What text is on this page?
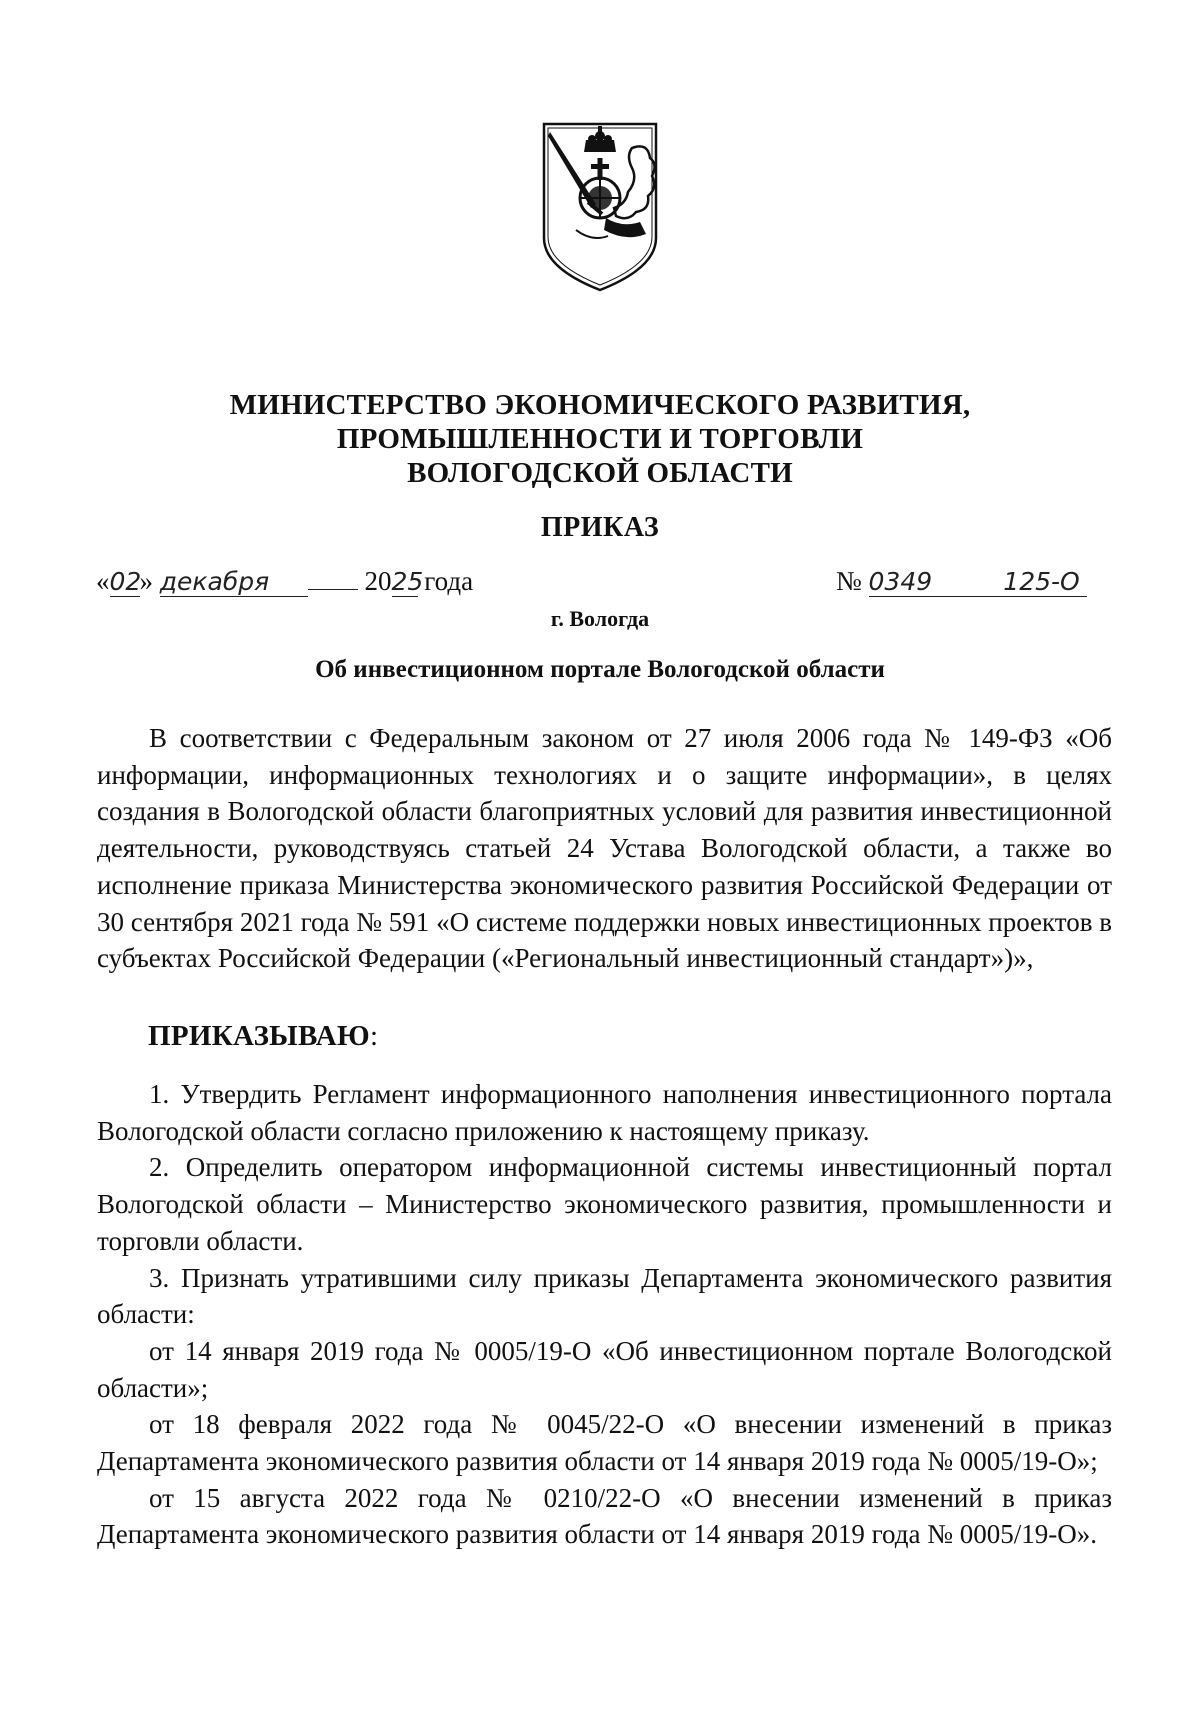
МИНИСТЕРСТВО ЭКОНОМИЧЕСКОГО РАЗВИТИЯ,
ПРОМЫШЛЕННОСТИ И ТОРГОВЛИ
ВОЛОГОДСКОЙ ОБЛАСТИ
ПРИКАЗ
«02» декабря	2025 года	№ 0349	125-О
г. Вологда
Об инвестиционном портале Вологодской области

В соответствии с Федеральным законом от 27 июля 2006 года № 149-ФЗ «Об информации, информационных технологиях и о защите информации», в целях создания в Вологодской области благоприятных условий для развития инвестиционной деятельности, руководствуясь статьей 24 Устава Вологодской области, а также во исполнение приказа Министерства экономического развития Российской Федерации от 30 сентября 2021 года № 591 «О системе поддержки новых инвестиционных проектов в субъектах Российской Федерации («Региональный инвестиционный стандарт»)»,

ПРИКАЗЫВАЮ:

1. Утвердить Регламент информационного наполнения инвестиционного портала Вологодской области согласно приложению к настоящему приказу.

2. Определить оператором информационной системы инвестиционный портал Вологодской области – Министерство экономического развития, промышленности и торговли области.

3. Признать утратившими силу приказы Департамента экономического развития области:

от 14 января 2019 года № 0005/19-О «Об инвестиционном портале Вологодской области»;

от 18 февраля 2022 года № 0045/22-О «О внесении изменений в приказ Департамента экономического развития области от 14 января 2019 года № 0005/19-О»;

от 15 августа 2022 года № 0210/22-О «О внесении изменений в приказ Департамента экономического развития области от 14 января 2019 года № 0005/19-О».
